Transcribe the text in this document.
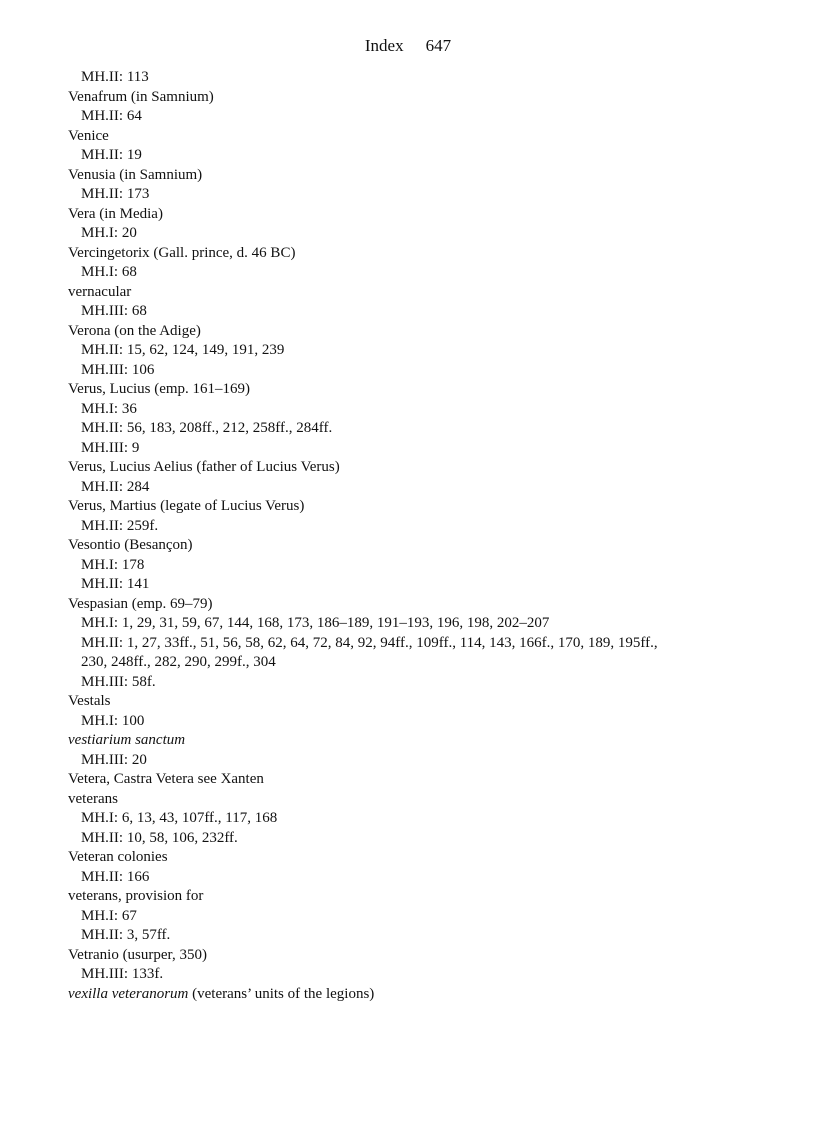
Index 647
MH.II: 113
Venafrum (in Samnium)
MH.II: 64
Venice
MH.II: 19
Venusia (in Samnium)
MH.II: 173
Vera (in Media)
MH.I: 20
Vercingetorix (Gall. prince, d. 46 BC)
MH.I: 68
vernacular
MH.III: 68
Verona (on the Adige)
MH.II: 15, 62, 124, 149, 191, 239
MH.III: 106
Verus, Lucius (emp. 161–169)
MH.I: 36
MH.II: 56, 183, 208ff., 212, 258ff., 284ff.
MH.III: 9
Verus, Lucius Aelius (father of Lucius Verus)
MH.II: 284
Verus, Martius (legate of Lucius Verus)
MH.II: 259f.
Vesontio (Besançon)
MH.I: 178
MH.II: 141
Vespasian (emp. 69–79)
MH.I: 1, 29, 31, 59, 67, 144, 168, 173, 186–189, 191–193, 196, 198, 202–207
MH.II: 1, 27, 33ff., 51, 56, 58, 62, 64, 72, 84, 92, 94ff., 109ff., 114, 143, 166f., 170, 189, 195ff.,
230, 248ff., 282, 290, 299f., 304
MH.III: 58f.
Vestals
MH.I: 100
vestiarium sanctum
MH.III: 20
Vetera, Castra Vetera see Xanten
veterans
MH.I: 6, 13, 43, 107ff., 117, 168
MH.II: 10, 58, 106, 232ff.
Veteran colonies
MH.II: 166
veterans, provision for
MH.I: 67
MH.II: 3, 57ff.
Vetranio (usurper, 350)
MH.III: 133f.
vexilla veteranorum (veterans’ units of the legions)
